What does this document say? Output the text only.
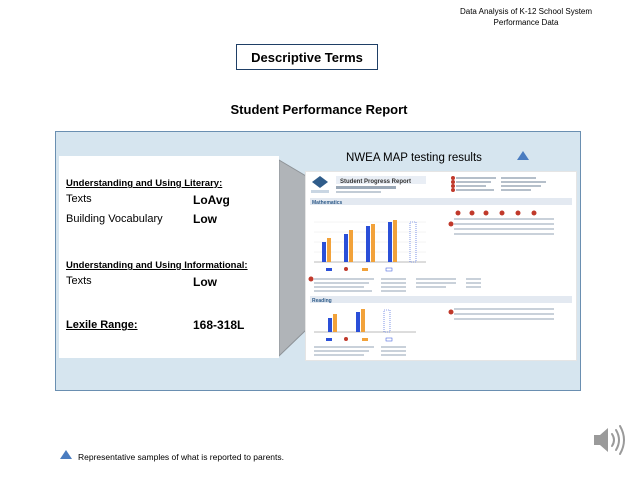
Data Analysis of K-12 School System
Performance Data
Descriptive Terms
Student Performance Report
NWEA MAP testing results
Understanding and Using Literary:
Texts	LoAvg
Building Vocabulary	Low
Understanding and Using Informational:
Texts	Low
Lexile Range:	168-318L
Student Progress Report
Mathematics
Reading
Representative samples of what is reported to parents.
